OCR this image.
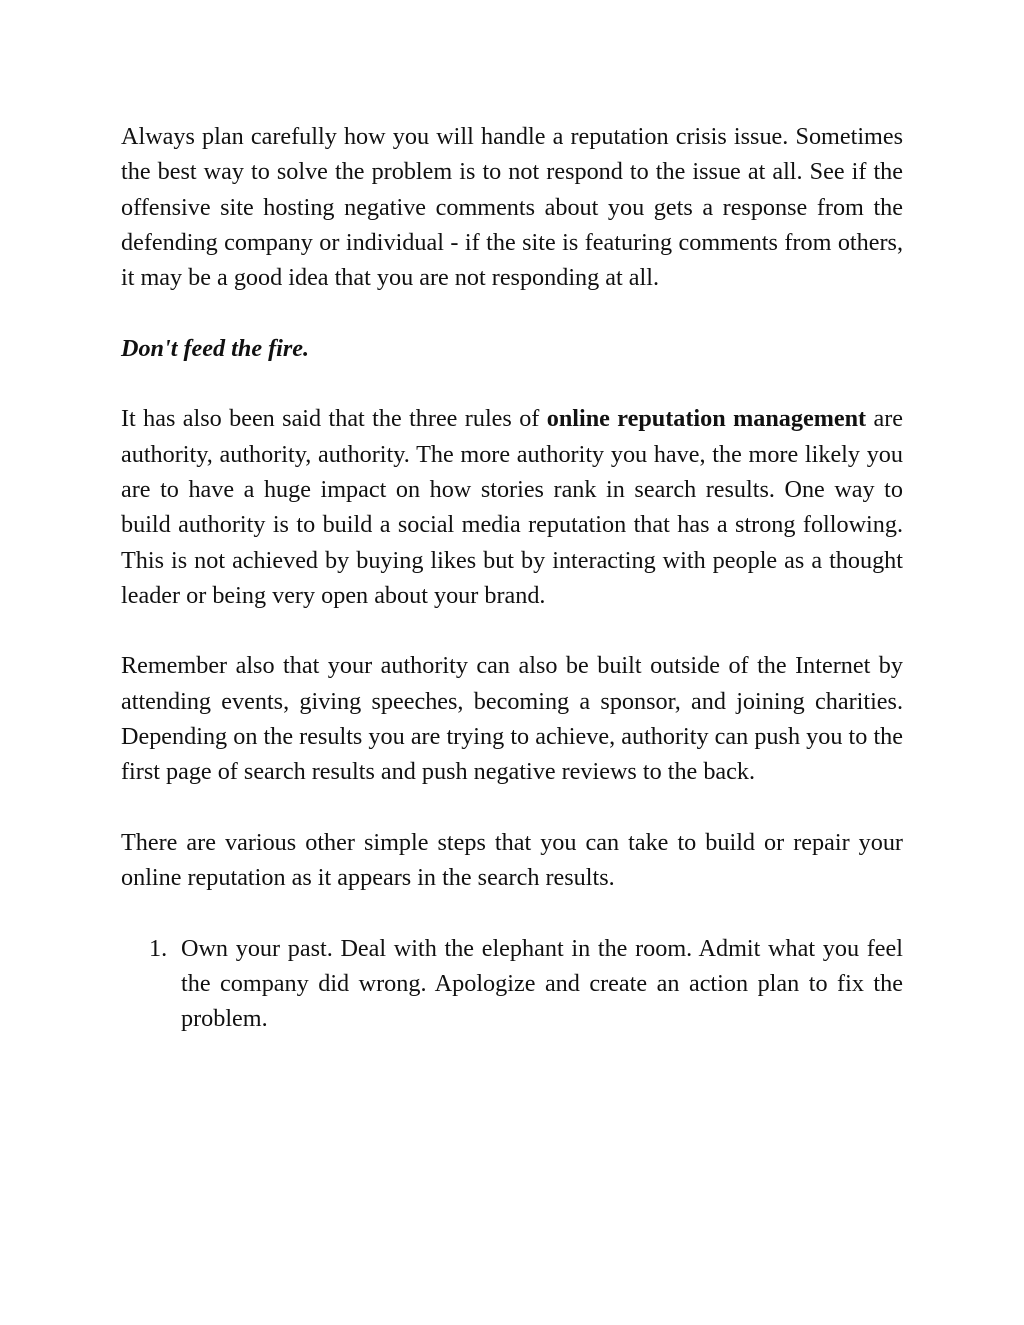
Always plan carefully how you will handle a reputation crisis issue. Sometimes the best way to solve the problem is to not respond to the issue at all. See if the offensive site hosting negative comments about you gets a response from the defending company or individual - if the site is featuring comments from others, it may be a good idea that you are not responding at all.

Don't feed the fire.

It has also been said that the three rules of online reputation management are authority, authority, authority. The more authority you have, the more likely you are to have a huge impact on how stories rank in search results. One way to build authority is to build a social media reputation that has a strong following. This is not achieved by buying likes but by interacting with people as a thought leader or being very open about your brand.

Remember also that your authority can also be built outside of the Internet by attending events, giving speeches, becoming a sponsor, and joining charities. Depending on the results you are trying to achieve, authority can push you to the first page of search results and push negative reviews to the back.

There are various other simple steps that you can take to build or repair your online reputation as it appears in the search results.

1. Own your past. Deal with the elephant in the room. Admit what you feel the company did wrong. Apologize and create an action plan to fix the problem.
